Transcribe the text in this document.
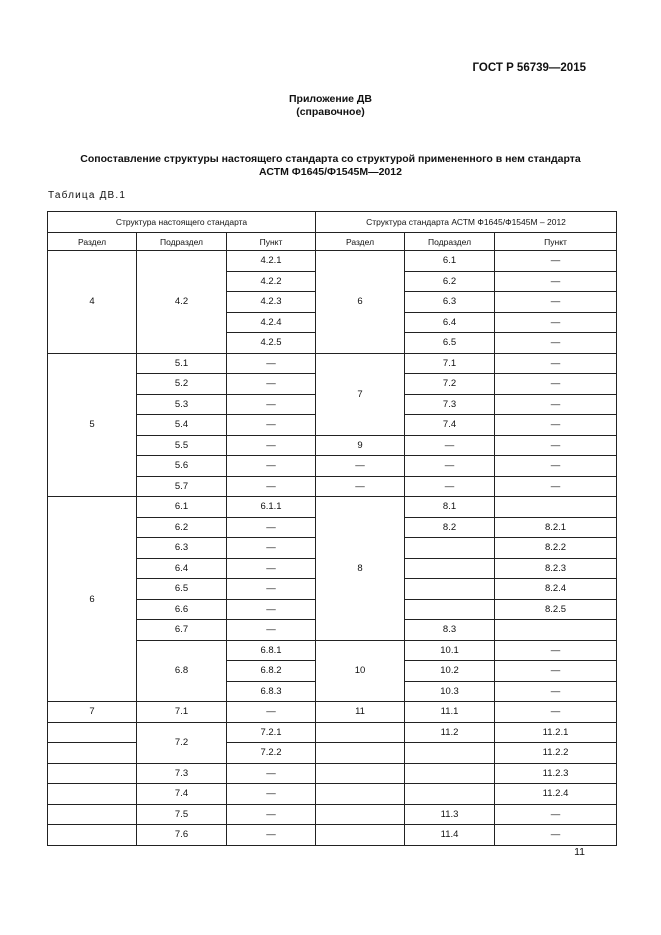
ГОСТ Р 56739—2015
Приложение ДВ
(справочное)
Сопоставление структуры настоящего стандарта со структурой примененного в нем стандарта
АСТМ Ф1645/Ф1545М—2012
Таблица ДВ.1
Структура настоящего стандарта			Структура стандарта АСТМ Ф1645/Ф1545М – 2012		
Раздел	Подраздел	Пункт	Раздел	Подраздел	Пункт
4	4.2	4.2.1	6	6.1	—
		4.2.2		6.2	—
		4.2.3		6.3	—
		4.2.4		6.4	—
		4.2.5		6.5	—
5	5.1	—	7	7.1	—
	5.2	—		7.2	—
	5.3	—		7.3	—
	5.4	—		7.4	—
	5.5	—	9	—	—
	5.6	—	—	—	—
	5.7	—	—	—	—
6	6.1	6.1.1	8	8.1	
	6.2	—		8.2	8.2.1
	6.3	—			8.2.2
	6.4	—			8.2.3
	6.5	—			8.2.4
	6.6	—			8.2.5
	6.7	—		8.3	
	6.8	6.8.1	10	10.1	—
		6.8.2		10.2	—
		6.8.3		10.3	—
7	7.1	—	11	11.1	—
	7.2	7.2.1		11.2	11.2.1
		7.2.2			11.2.2
	7.3	—			11.2.3
	7.4	—			11.2.4
	7.5	—		11.3	—
	7.6	—		11.4	—
11
